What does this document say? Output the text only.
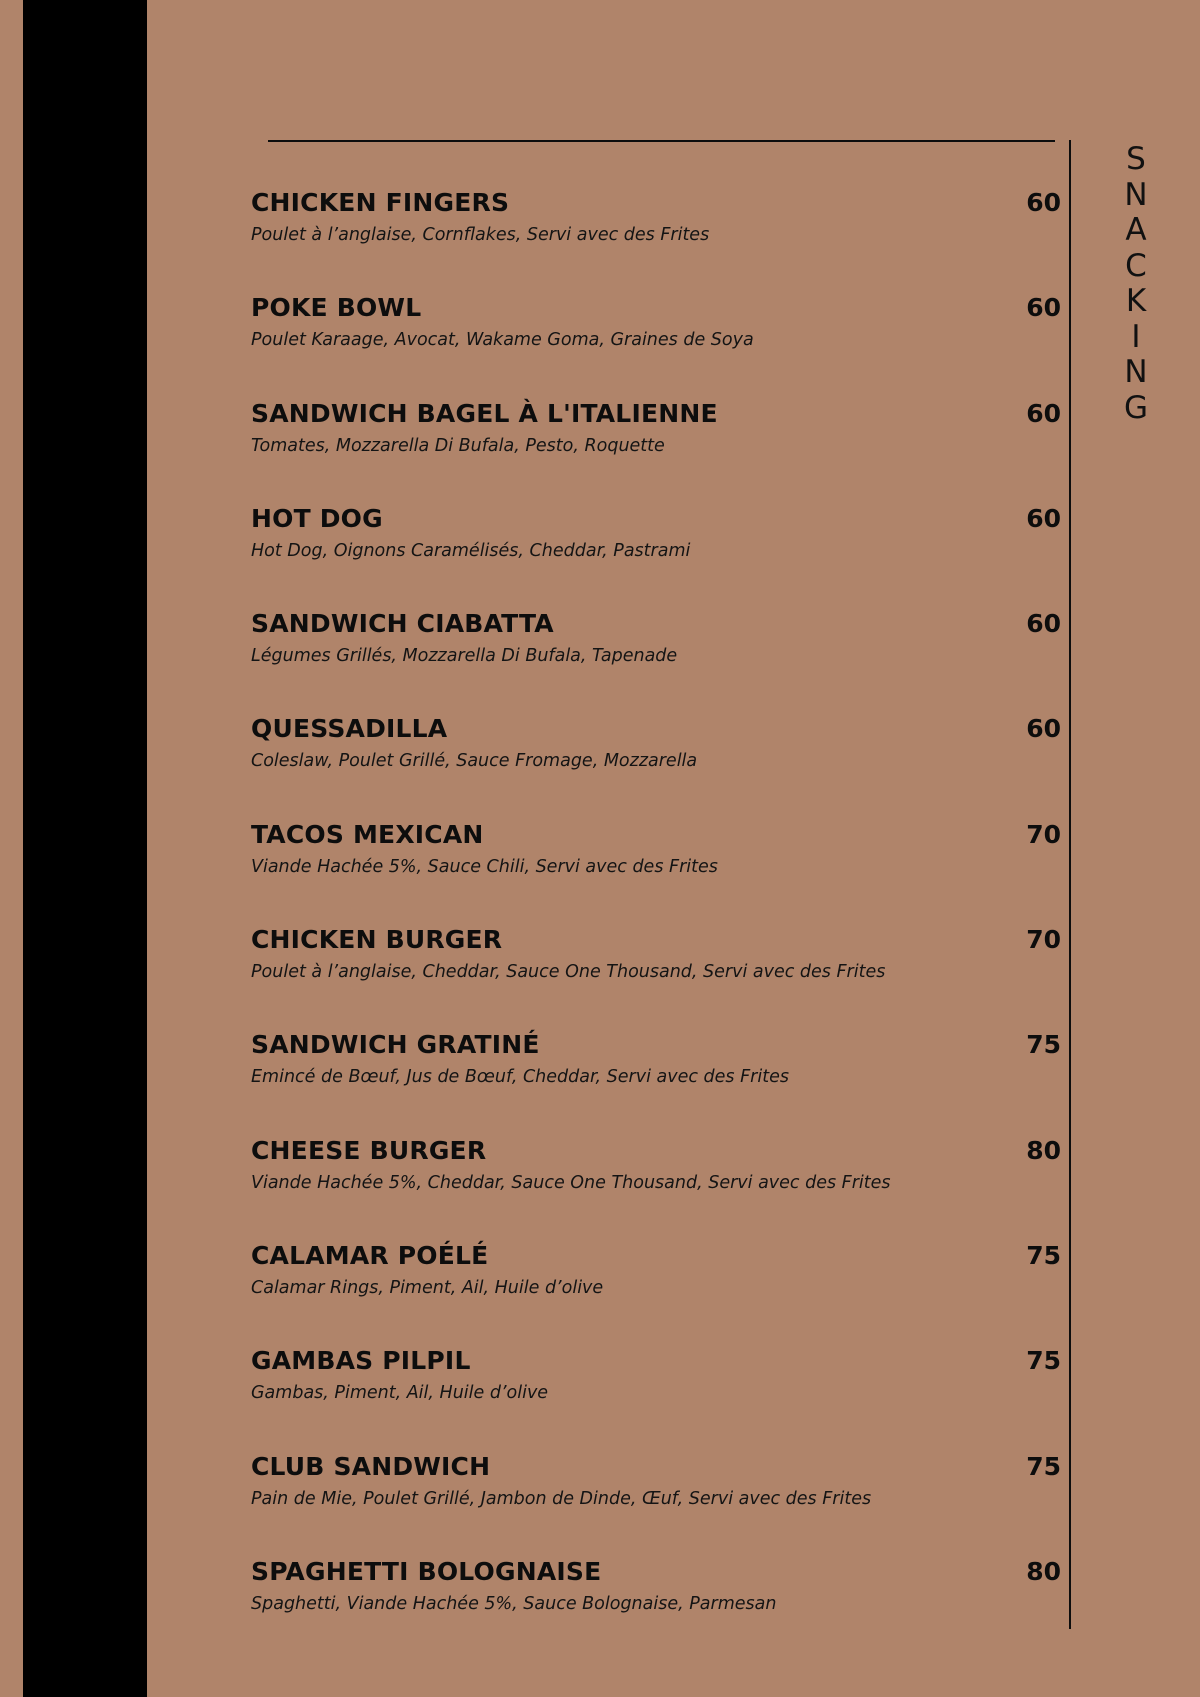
S
N
A
C
K
I
N
G
CHICKEN FINGERS	60
Poulet à l’anglaise, Cornflakes, Servi avec des Frites
POKE BOWL	60
Poulet Karaage, Avocat, Wakame Goma, Graines de Soya
SANDWICH BAGEL À L'ITALIENNE	60
Tomates, Mozzarella Di Bufala, Pesto, Roquette
HOT DOG	60
Hot Dog, Oignons Caramélisés, Cheddar, Pastrami
SANDWICH CIABATTA	60
Légumes Grillés, Mozzarella Di Bufala, Tapenade
QUESSADILLA	60
Coleslaw, Poulet Grillé, Sauce Fromage, Mozzarella
TACOS MEXICAN	70
Viande Hachée 5%, Sauce Chili, Servi avec des Frites
CHICKEN BURGER	70
Poulet à l’anglaise, Cheddar, Sauce One Thousand, Servi avec des Frites
SANDWICH GRATINÉ	75
Emincé de Bœuf, Jus de Bœuf, Cheddar, Servi avec des Frites
CHEESE BURGER	80
Viande Hachée 5%, Cheddar, Sauce One Thousand, Servi avec des Frites
CALAMAR POÉLÉ	75
Calamar Rings, Piment, Ail, Huile d’olive
GAMBAS PILPIL	75
Gambas, Piment, Ail, Huile d’olive
CLUB SANDWICH	75
Pain de Mie, Poulet Grillé, Jambon de Dinde, Œuf, Servi avec des Frites
SPAGHETTI BOLOGNAISE	80
Spaghetti, Viande Hachée 5%, Sauce Bolognaise, Parmesan
